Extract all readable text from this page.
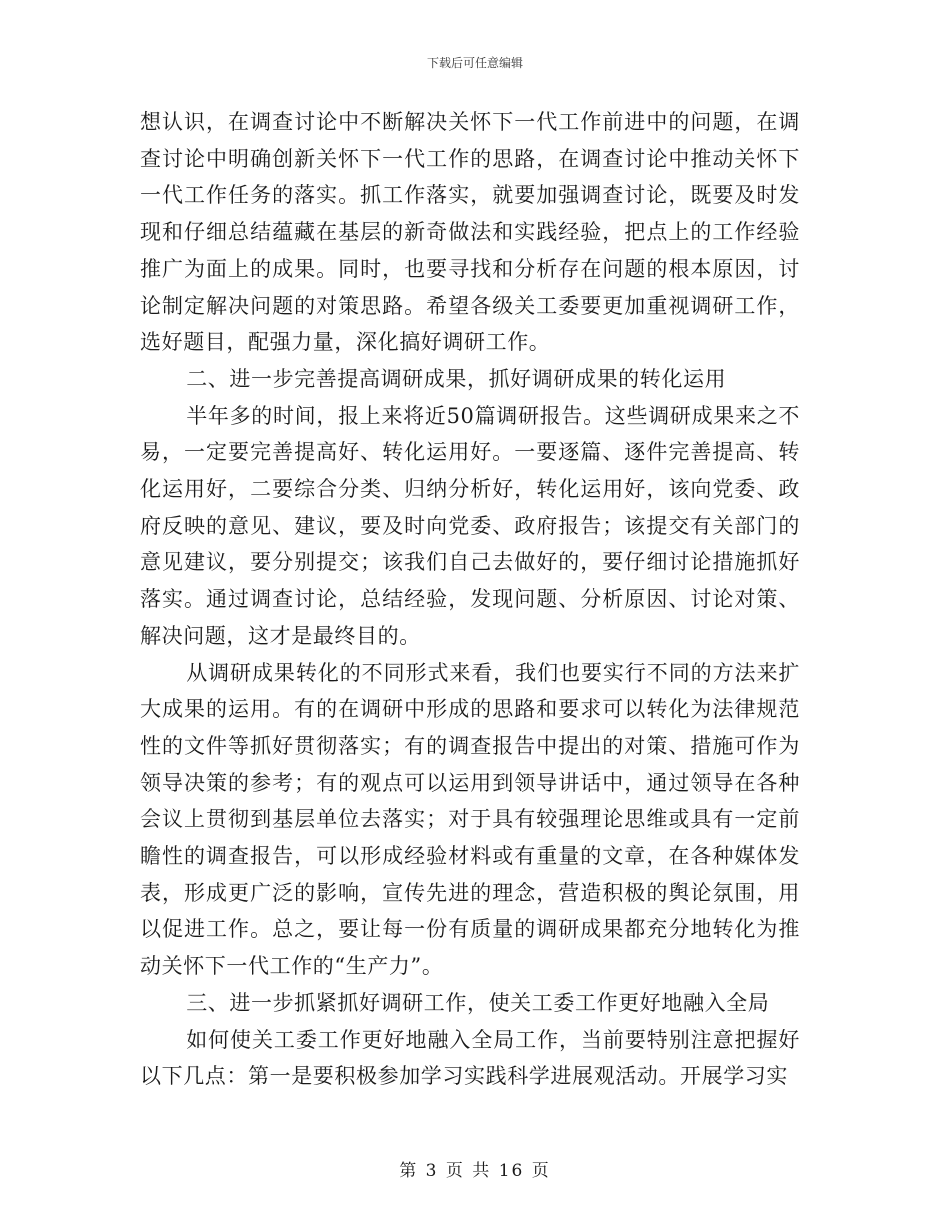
下载后可任意编辑

想认识，在调查讨论中不断解决关怀下一代工作前进中的问题，在调查讨论中明确创新关怀下一代工作的思路，在调查讨论中推动关怀下一代工作任务的落实。抓工作落实，就要加强调查讨论，既要及时发现和仔细总结蕴藏在基层的新奇做法和实践经验，把点上的工作经验推广为面上的成果。同时，也要寻找和分析存在问题的根本原因，讨论制定解决问题的对策思路。希望各级关工委要更加重视调研工作，选好题目，配强力量，深化搞好调研工作。

二、进一步完善提高调研成果，抓好调研成果的转化运用

半年多的时间，报上来将近50篇调研报告。这些调研成果来之不易，一定要完善提高好、转化运用好。一要逐篇、逐件完善提高、转化运用好，二要综合分类、归纳分析好，转化运用好，该向党委、政府反映的意见、建议，要及时向党委、政府报告；该提交有关部门的意见建议，要分别提交；该我们自己去做好的，要仔细讨论措施抓好落实。通过调查讨论，总结经验，发现问题、分析原因、讨论对策、解决问题，这才是最终目的。

从调研成果转化的不同形式来看，我们也要实行不同的方法来扩大成果的运用。有的在调研中形成的思路和要求可以转化为法律规范性的文件等抓好贯彻落实；有的调查报告中提出的对策、措施可作为领导决策的参考；有的观点可以运用到领导讲话中，通过领导在各种会议上贯彻到基层单位去落实；对于具有较强理论思维或具有一定前瞻性的调查报告，可以形成经验材料或有重量的文章，在各种媒体发表，形成更广泛的影响，宣传先进的理念，营造积极的舆论氛围，用以促进工作。总之，要让每一份有质量的调研成果都充分地转化为推动关怀下一代工作的“生产力”。

三、进一步抓紧抓好调研工作，使关工委工作更好地融入全局

如何使关工委工作更好地融入全局工作，当前要特别注意把握好以下几点：第一是要积极参加学习实践科学进展观活动。开展学习实

第 3 页 共 16 页
